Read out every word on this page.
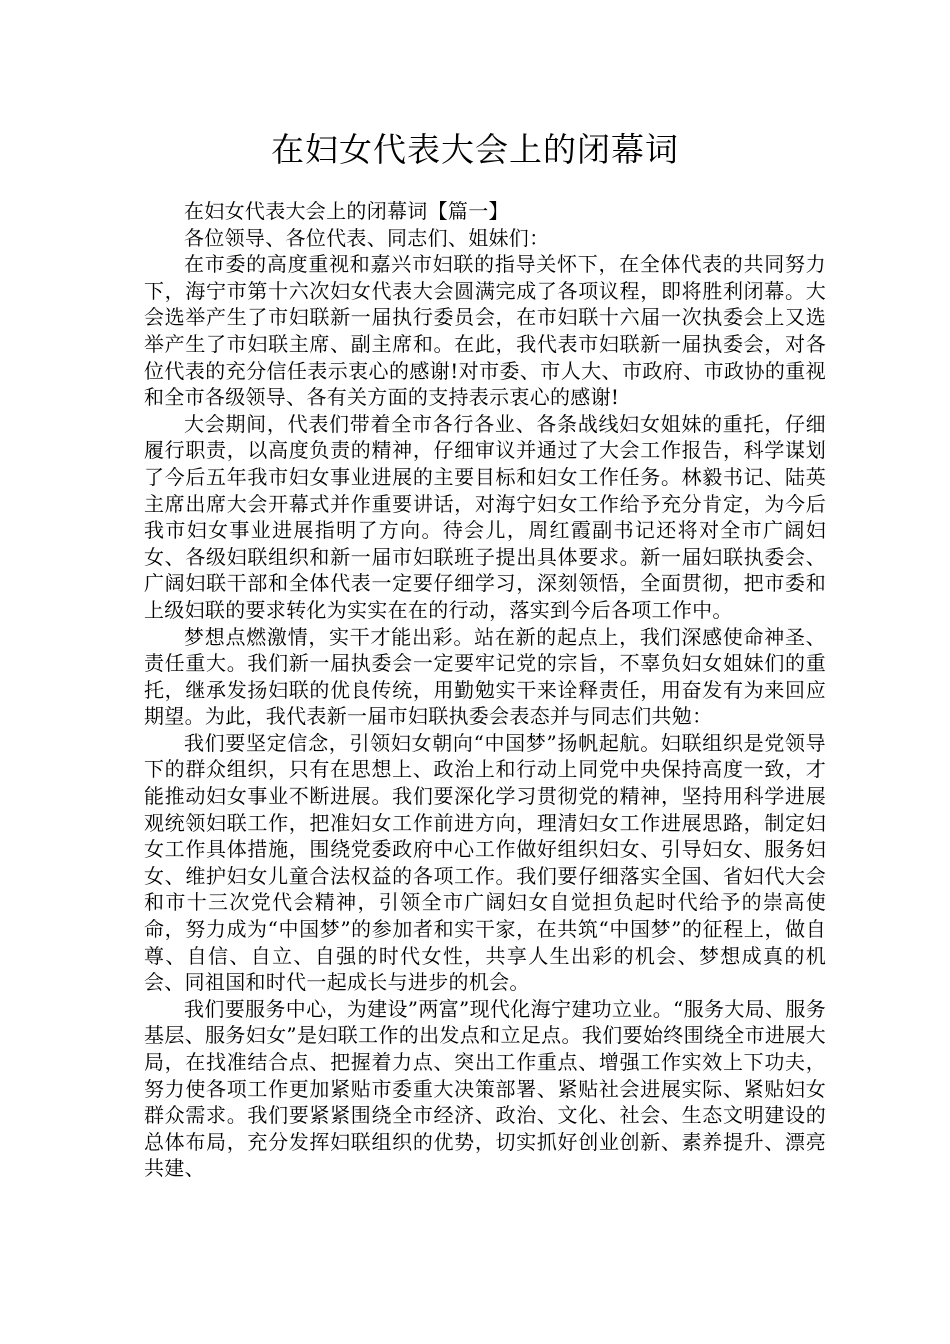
在妇女代表大会上的闭幕词

在妇女代表大会上的闭幕词【篇一】

各位领导、各位代表、同志们、姐妹们：

在市委的高度重视和嘉兴市妇联的指导关怀下，在全体代表的共同努力下，海宁市第十六次妇女代表大会圆满完成了各项议程，即将胜利闭幕。大会选举产生了市妇联新一届执行委员会，在市妇联十六届一次执委会上又选举产生了市妇联主席、副主席和。在此，我代表市妇联新一届执委会，对各位代表的充分信任表示衷心的感谢!对市委、市人大、市政府、市政协的重视和全市各级领导、各有关方面的支持表示衷心的感谢!

大会期间，代表们带着全市各行各业、各条战线妇女姐妹的重托，仔细履行职责，以高度负责的精神，仔细审议并通过了大会工作报告，科学谋划了今后五年我市妇女事业进展的主要目标和妇女工作任务。林毅书记、陆英主席出席大会开幕式并作重要讲话，对海宁妇女工作给予充分肯定，为今后我市妇女事业进展指明了方向。待会儿，周红霞副书记还将对全市广阔妇女、各级妇联组织和新一届市妇联班子提出具体要求。新一届妇联执委会、广阔妇联干部和全体代表一定要仔细学习，深刻领悟，全面贯彻，把市委和上级妇联的要求转化为实实在在的行动，落实到今后各项工作中。

梦想点燃激情，实干才能出彩。站在新的起点上，我们深感使命神圣、责任重大。我们新一届执委会一定要牢记党的宗旨，不辜负妇女姐妹们的重托，继承发扬妇联的优良传统，用勤勉实干来诠释责任，用奋发有为来回应期望。为此，我代表新一届市妇联执委会表态并与同志们共勉：

我们要坚定信念，引领妇女朝向“中国梦”扬帆起航。妇联组织是党领导下的群众组织，只有在思想上、政治上和行动上同党中央保持高度一致，才能推动妇女事业不断进展。我们要深化学习贯彻党的精神，坚持用科学进展观统领妇联工作，把准妇女工作前进方向，理清妇女工作进展思路，制定妇女工作具体措施，围绕党委政府中心工作做好组织妇女、引导妇女、服务妇女、维护妇女儿童合法权益的各项工作。我们要仔细落实全国、省妇代大会和市十三次党代会精神，引领全市广阔妇女自觉担负起时代给予的崇高使命，努力成为“中国梦”的参加者和实干家，在共筑“中国梦”的征程上，做自尊、自信、自立、自强的时代女性，共享人生出彩的机会、梦想成真的机会、同祖国和时代一起成长与进步的机会。

我们要服务中心，为建设”两富”现代化海宁建功立业。“服务大局、服务基层、服务妇女”是妇联工作的出发点和立足点。我们要始终围绕全市进展大局，在找准结合点、把握着力点、突出工作重点、增强工作实效上下功夫，努力使各项工作更加紧贴市委重大决策部署、紧贴社会进展实际、紧贴妇女群众需求。我们要紧紧围绕全市经济、政治、文化、社会、生态文明建设的总体布局，充分发挥妇联组织的优势，切实抓好创业创新、素养提升、漂亮共建、
